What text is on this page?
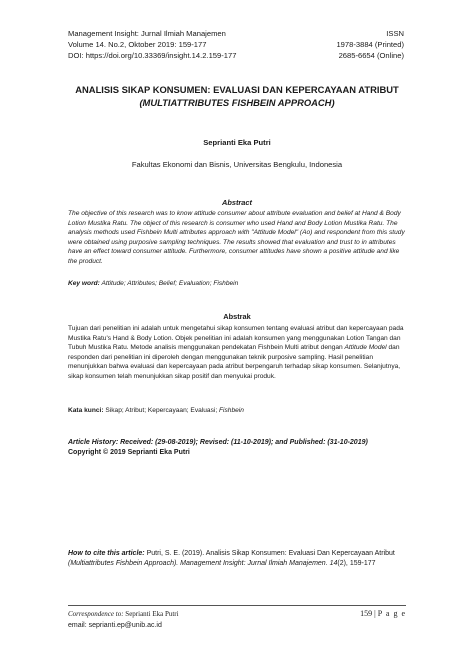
Management Insight: Jurnal Ilmiah Manajemen
Volume 14. No.2, Oktober 2019: 159-177
DOI: https://doi.org/10.33369/insight.14.2.159-177
ISSN
1978-3884 (Printed)
2685-6654 (Online)
ANALISIS SIKAP KONSUMEN: EVALUASI DAN KEPERCAYAAN ATRIBUT
(MULTIATTRIBUTES FISHBEIN APPROACH)
Seprianti Eka Putri
Fakultas Ekonomi dan Bisnis, Universitas Bengkulu, Indonesia
Abstract
The objective of this research was to know attitude consumer about attribute evaluation and belief at Hand & Body Lotion Mustika Ratu. The object of this research is consumer who used Hand and Body Lotion Mustika Ratu. The analysis methods used Fishbein Multi attributes approach with "Attitude Model" (Ao) and respondent from this study were obtained using purposive sampling techniques. The results showed that evaluation and trust to in attributes have an effect toward consumer attitude. Furthermore, consumer attitudes have shown a positive attitude and like the product.
Key word: Attitude; Attributes; Belief; Evaluation; Fishbein
Abstrak
Tujuan dari penelitian ini adalah untuk mengetahui sikap konsumen tentang evaluasi atribut dan kepercayaan pada Mustika Ratu's Hand & Body Lotion. Objek penelitian ini adalah konsumen yang menggunakan Lotion Tangan dan Tubuh Mustika Ratu. Metode analisis menggunakan pendekatan Fishbein Multi atribut dengan Attitude Model dan responden dari penelitian ini diperoleh dengan menggunakan teknik purposive sampling. Hasil penelitian menunjukkan bahwa evaluasi dan kepercayaan pada atribut berpengaruh terhadap sikap konsumen. Selanjutnya, sikap konsumen telah menunjukkan sikap positif dan menyukai produk.
Kata kunci: Sikap; Atribut; Kepercayaan; Evaluasi; Fishbein
Article History: Received: (29-08-2019); Revised: (11-10-2019); and Published: (31-10-2019)
Copyright © 2019 Seprianti Eka Putri
How to cite this article: Putri, S. E. (2019). Analisis Sikap Konsumen: Evaluasi Dan Kepercayaan Atribut (Multiattributes Fishbein Approach). Management Insight: Jurnal Ilmiah Manajemen. 14(2), 159-177
Correspondence to: Seprianti Eka Putri
email: seprianti.ep@unib.ac.id
159 | P a g e
